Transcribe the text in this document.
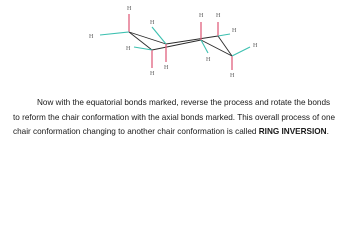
H
H
H
H
H
H
H H
H
H
H
H

Now with the equatorial bonds marked, reverse the process and rotate the bonds to reform the chair conformation with the axial bonds marked. This overall process of one chair conformation changing to another chair conformation is called RING INVERSION.
